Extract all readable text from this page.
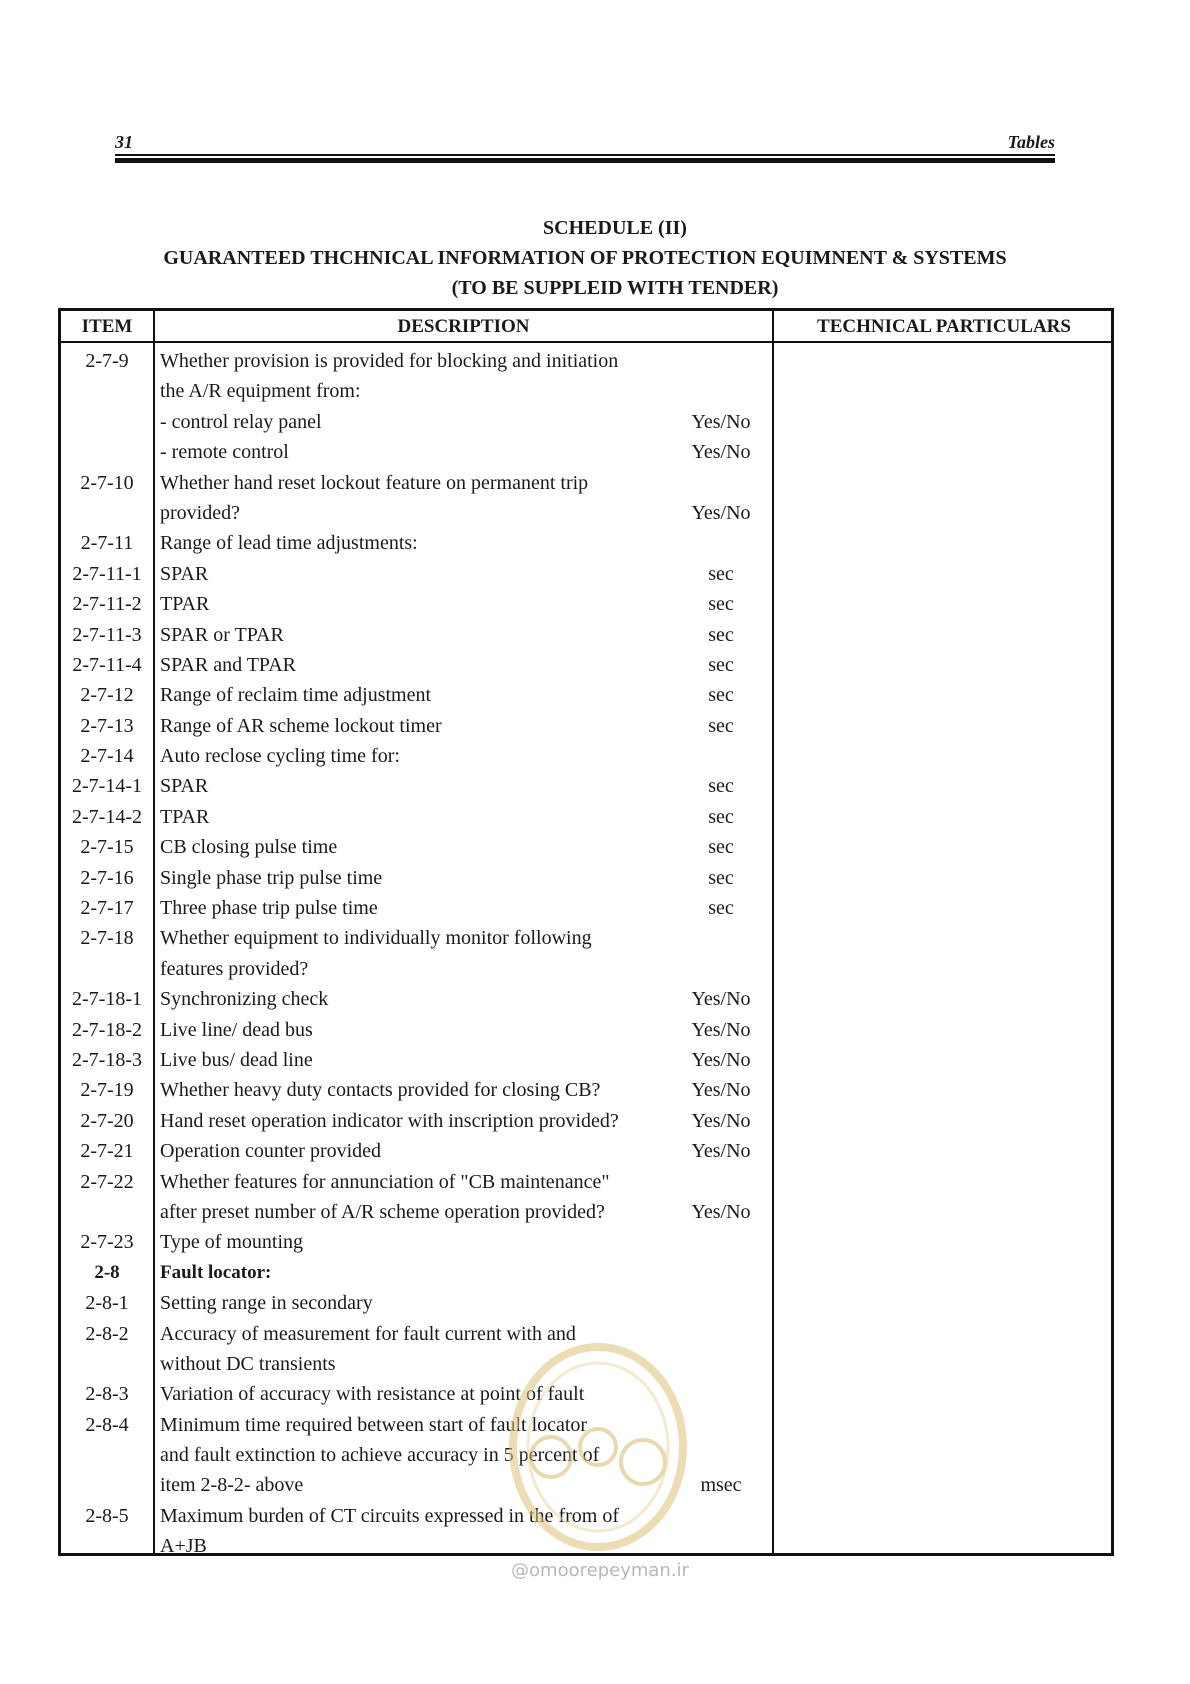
31	Tables
SCHEDULE (II)
GUARANTEED THCHNICAL INFORMATION OF PROTECTION EQUIMNENT & SYSTEMS
(TO BE SUPPLEID WITH TENDER)
ITEM	DESCRIPTION	TECHNICAL PARTICULARS
2-7-9	Whether provision is provided for blocking and initiation
the A/R equipment from:
- control relay panel	Yes/No
- remote control	Yes/No
2-7-10	Whether hand reset lockout feature on permanent trip
provided?	Yes/No
2-7-11	Range of lead time adjustments:
2-7-11-1 SPAR	sec
2-7-11-2 TPAR	sec
2-7-11-3 SPAR or TPAR	sec
2-7-11-4 SPAR and TPAR	sec
2-7-12	Range of reclaim time adjustment	sec
2-7-13	Range of AR scheme lockout timer	sec
2-7-14	Auto reclose cycling time for:
2-7-14-1 SPAR	sec
2-7-14-2 TPAR	sec
2-7-15	CB closing pulse time	sec
2-7-16	Single phase trip pulse time	sec
2-7-17	Three phase trip pulse time	sec
2-7-18	Whether equipment to individually monitor following
features provided?
2-7-18-1 Synchronizing check	Yes/No
2-7-18-2 Live line/ dead bus	Yes/No
2-7-18-3 Live bus/ dead line	Yes/No
2-7-19	Whether heavy duty contacts provided for closing CB?	Yes/No
2-7-20	Hand reset operation indicator with inscription provided?	Yes/No
2-7-21	Operation counter provided	Yes/No
2-7-22	Whether features for annunciation of "CB maintenance"
after preset number of A/R scheme operation provided?	Yes/No
2-7-23	Type of mounting
2-8	Fault locator:
2-8-1	Setting range in secondary
2-8-2	Accuracy of measurement for fault current with and
without DC transients
2-8-3	Variation of accuracy with resistance at point of fault
2-8-4	Minimum time required between start of fault locator
and fault extinction to achieve accuracy in 5 percent of
item 2-8-2- above	msec
2-8-5	Maximum burden of CT circuits expressed in the from of
A+JB
@omoorepeyman.ir
